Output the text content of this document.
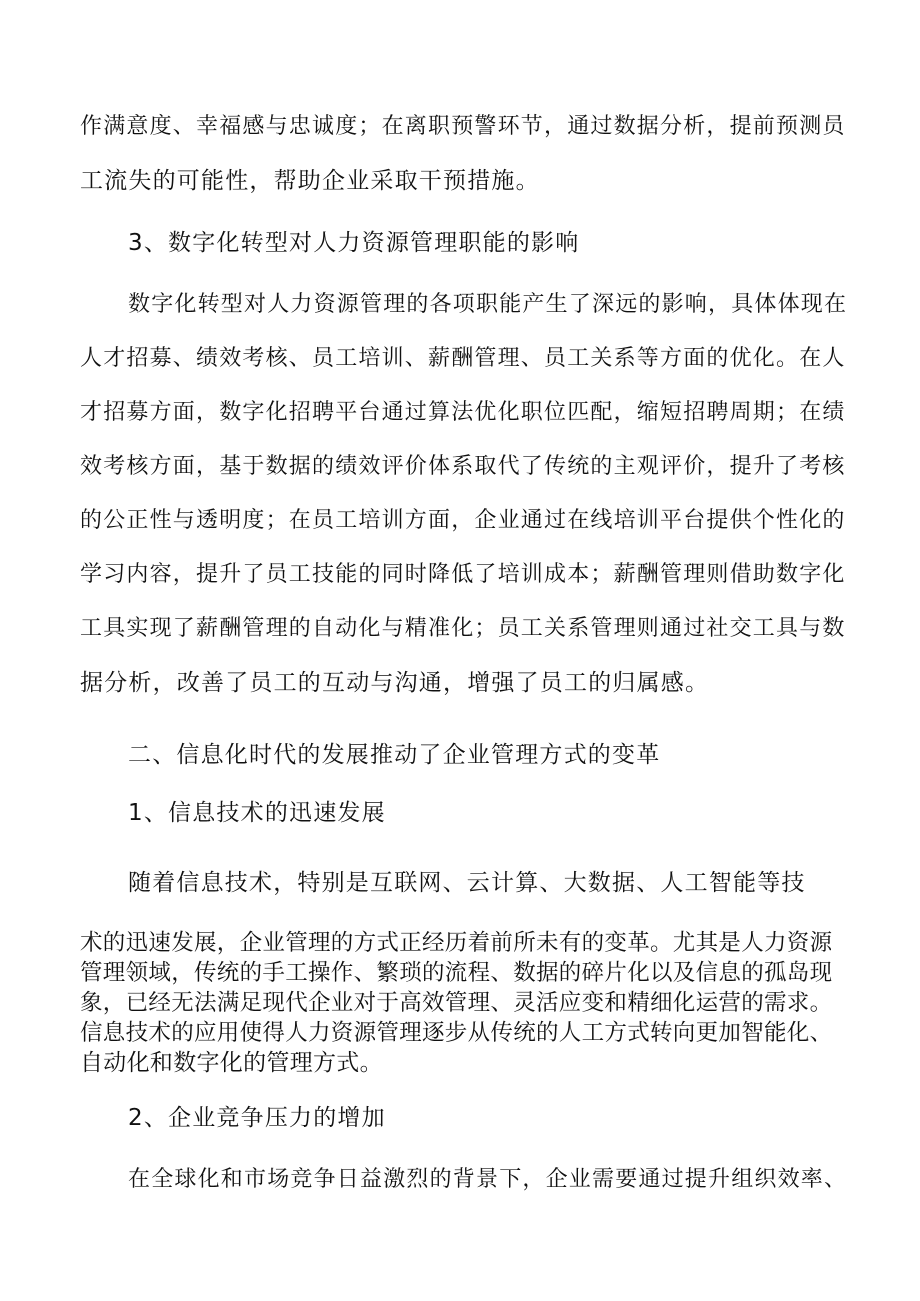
作满意度、幸福感与忠诚度；在离职预警环节，通过数据分析，提前预测员
工流失的可能性，帮助企业采取干预措施。
3、数字化转型对人力资源管理职能的影响
数字化转型对人力资源管理的各项职能产生了深远的影响，具体体现在
人才招募、绩效考核、员工培训、薪酬管理、员工关系等方面的优化。在人
才招募方面，数字化招聘平台通过算法优化职位匹配，缩短招聘周期；在绩
效考核方面，基于数据的绩效评价体系取代了传统的主观评价，提升了考核
的公正性与透明度；在员工培训方面，企业通过在线培训平台提供个性化的
学习内容，提升了员工技能的同时降低了培训成本；薪酬管理则借助数字化
工具实现了薪酬管理的自动化与精准化；员工关系管理则通过社交工具与数
据分析，改善了员工的互动与沟通，增强了员工的归属感。
二、信息化时代的发展推动了企业管理方式的变革
1、信息技术的迅速发展
随着信息技术，特别是互联网、云计算、大数据、人工智能等技
术的迅速发展，企业管理的方式正经历着前所未有的变革。尤其是人力资源
管理领域，传统的手工操作、繁琐的流程、数据的碎片化以及信息的孤岛现
象，已经无法满足现代企业对于高效管理、灵活应变和精细化运营的需求。
信息技术的应用使得人力资源管理逐步从传统的人工方式转向更加智能化、
自动化和数字化的管理方式。
2、企业竞争压力的增加
在全球化和市场竞争日益激烈的背景下，企业需要通过提升组织效率、
